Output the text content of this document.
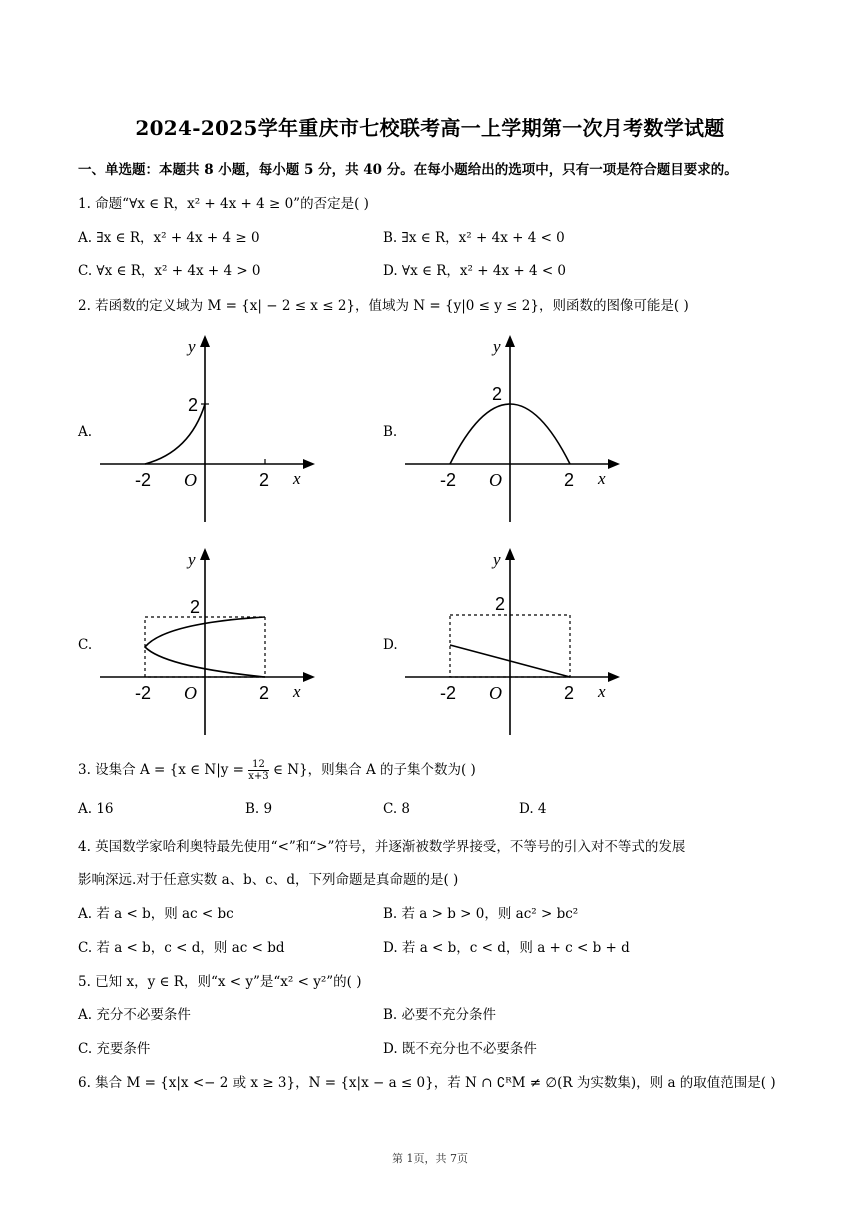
2024-2025学年重庆市七校联考高一上学期第一次月考数学试题
一、单选题：本题共 8 小题，每小题 5 分，共 40 分。在每小题给出的选项中，只有一项是符合题目要求的。
1. 命题“∀x ∈ R，x² + 4x + 4 ≥ 0”的否定是( )
A. ∃x ∈ R，x² + 4x + 4 ≥ 0	B. ∃x ∈ R，x² + 4x + 4 < 0
C. ∀x ∈ R，x² + 4x + 4 > 0	D. ∀x ∈ R，x² + 4x + 4 < 0
2. 若函数的定义域为 M = {x| − 2 ≤ x ≤ 2}，值域为 N = {y|0 ≤ y ≤ 2}，则函数的图像可能是( )
A.
y
x
O
-2	2
2
B.
y
x
O
-2	2
2
C.
y
x
O
-2	2
2
D.
y
x
O
-2	2
2
3. 设集合 A = {x ∈ $N|y = \frac{12}{x+3}$ ∈ N}，则集合 A 的子集个数为( )
A. 16	B. 9	C. 8	D. 4
4. 英国数学家哈利奥特最先使用“<”和“>”符号，并逐渐被数学界接受，不等号的引入对不等式的发展
影响深远.对于任意实数 a、b、c、d，下列命题是真命题的是( )
A. 若 a < b，则 ac < bc	B. 若 a > b > 0，则 ac² > bc²
C. 若 a < b，c < d，则 ac < bd	D. 若 a < b，c < d，则 a + c < b + d
5. 已知 x，y ∈ R，则“x < y”是“x² < y²”的( )
A. 充分不必要条件	B. 必要不充分条件
C. 充要条件	D. 既不充分也不必要条件
6. 集合 M = {x|x <− 2 或 x ≥ 3}，N = {x|x − a ≤ 0}，若 N ∩ ∁ᴿM ≠ ∅(R 为实数集)，则 a 的取值范围是( )
第 1页，共 7页
